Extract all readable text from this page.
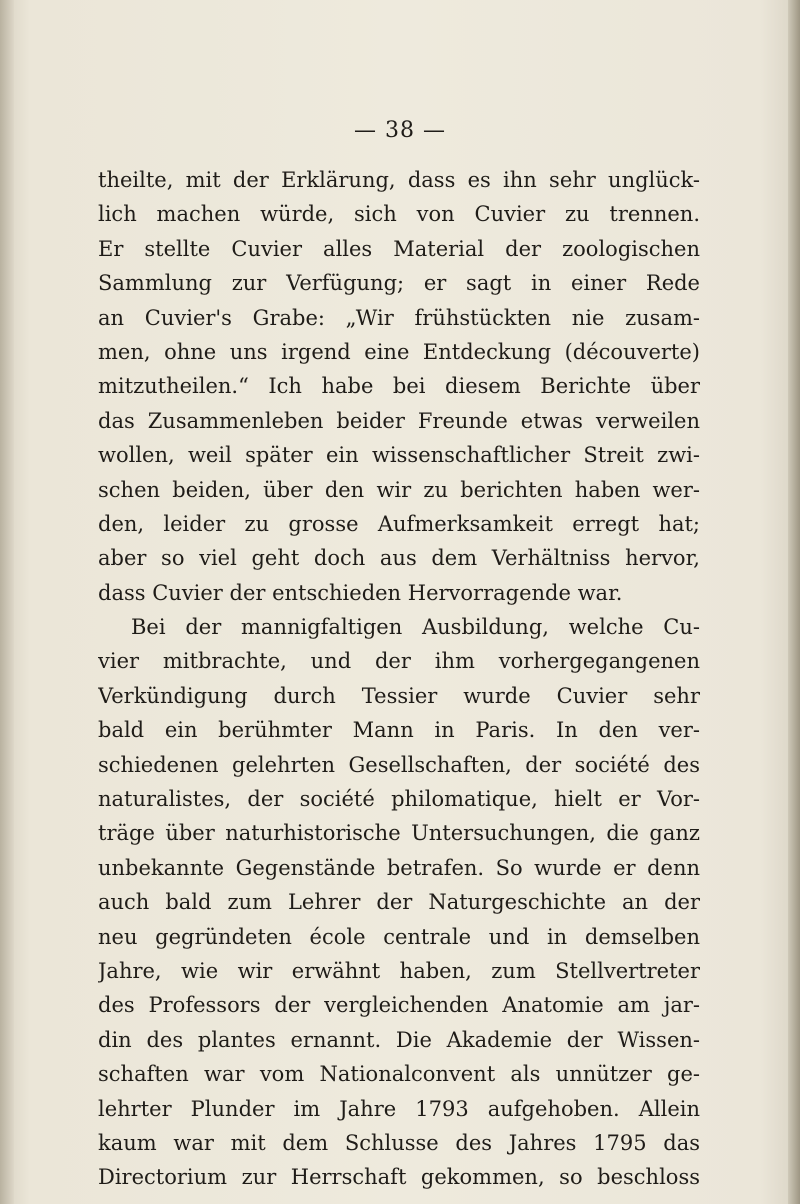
— 38 —
theilte, mit der Erklärung, dass es ihn sehr unglück-
lich machen würde, sich von Cuvier zu trennen.
Er stellte Cuvier alles Material der zoologischen
Sammlung zur Verfügung; er sagt in einer Rede
an Cuvier's Grabe: „Wir frühstückten nie zusam-
men, ohne uns irgend eine Entdeckung (découverte)
mitzutheilen.“ Ich habe bei diesem Berichte über
das Zusammenleben beider Freunde etwas verweilen
wollen, weil später ein wissenschaftlicher Streit zwi-
schen beiden, über den wir zu berichten haben wer-
den, leider zu grosse Aufmerksamkeit erregt hat;
aber so viel geht doch aus dem Verhältniss hervor,
dass Cuvier der entschieden Hervorragende war.
Bei der mannigfaltigen Ausbildung, welche Cu-
vier mitbrachte, und der ihm vorhergegangenen
Verkündigung durch Tessier wurde Cuvier sehr
bald ein berühmter Mann in Paris. In den ver-
schiedenen gelehrten Gesellschaften, der société des
naturalistes, der société philomatique, hielt er Vor-
träge über naturhistorische Untersuchungen, die ganz
unbekannte Gegenstände betrafen. So wurde er denn
auch bald zum Lehrer der Naturgeschichte an der
neu gegründeten école centrale und in demselben
Jahre, wie wir erwähnt haben, zum Stellvertreter
des Professors der vergleichenden Anatomie am jar-
din des plantes ernannt. Die Akademie der Wissen-
schaften war vom Nationalconvent als unnützer ge-
lehrter Plunder im Jahre 1793 aufgehoben. Allein
kaum war mit dem Schlusse des Jahres 1795 das
Directorium zur Herrschaft gekommen, so beschloss
